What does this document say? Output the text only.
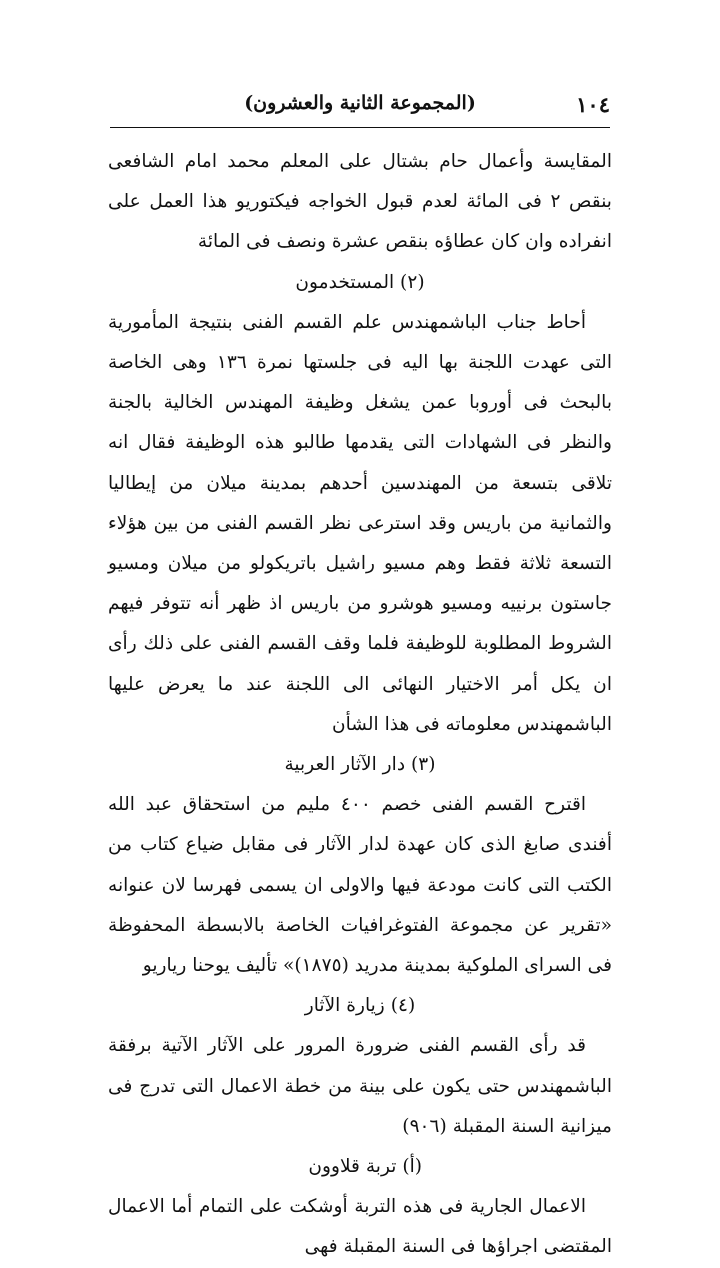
١٠٤
(المجموعة الثانية والعشرون)

المقايسة وأعمال حام بشتال على المعلم محمد امام الشافعى بنقص ٢ فى المائة لعدم قبول الخواجه فيكتوريو هذا العمل على انفراده وان كان عطاؤه بنقص عشرة ونصف فى المائة

(٢) المستخدمون

أحاط جناب الباشمهندس علم القسم الفنى بنتيجة المأمورية التى عهدت اللجنة بها اليه فى جلستها نمرة ١٣٦ وهى الخاصة بالبحث فى أوروبا عمن يشغل وظيفة المهندس الخالية بالجنة والنظر فى الشهادات التى يقدمها طالبو هذه الوظيفة فقال انه تلاقى بتسعة من المهندسين أحدهم بمدينة ميلان من إيطاليا والثمانية من باريس وقد استرعى نظر القسم الفنى من بين هؤلاء التسعة ثلاثة فقط وهم مسيو راشيل باتريكولو من ميلان ومسيو جاستون برنييه ومسيو هوشرو من باريس اذ ظهر أنه تتوفر فيهم الشروط المطلوبة للوظيفة فلما وقف القسم الفنى على ذلك رأى ان يكل أمر الاختيار النهائى الى اللجنة عند ما يعرض عليها الباشمهندس معلوماته فى هذا الشأن

(٣) دار الآثار العربية

اقترح القسم الفنى خصم ٤٠٠ مليم من استحقاق عبد الله أفندى صابغ الذى كان عهدة لدار الآثار فى مقابل ضياع كتاب من الكتب التى كانت مودعة فيها والاولى ان يسمى فهرسا لان عنوانه «تقرير عن مجموعة الفتوغرافيات الخاصة بالابسطة المحفوظة فى السراى الملوكية بمدينة مدريد (١٨٧٥)» تأليف يوحنا رياريو

(٤) زيارة الآثار

قد رأى القسم الفنى ضرورة المرور على الآثار الآتية برفقة الباشمهندس حتى يكون على بينة من خطة الاعمال التى تدرج فى ميزانية السنة المقبلة (٩٠٦)

(أ) تربة قلاوون

الاعمال الجارية فى هذه التربة أوشكت على التمام أما الاعمال المقتضى اجراؤها فى السنة المقبلة فهى
